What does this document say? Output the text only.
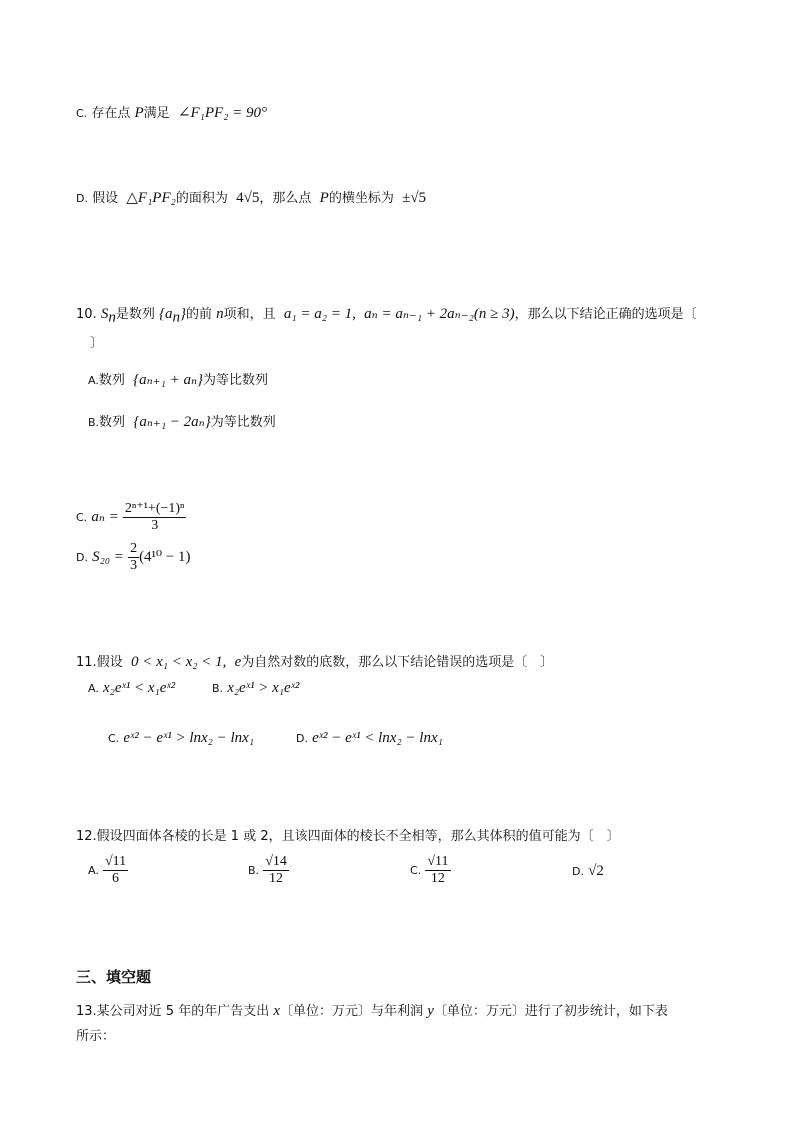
C. 存在点 P满足 ∠F₁PF₂ = 90°
D. 假设 △F₁PF₂的面积为 4√5，那么点 P的横坐标为 ±√5
10. $S_n$是数列 $\{a_n\}$的前 n项和，且 a₁ = a₂ = 1, aₙ = aₙ₋₁ + 2aₙ₋₂(n ≥ 3)，那么以下结论正确的选项是〔
〕
A.数列 {aₙ₊₁ + aₙ}为等比数列
B.数列 {aₙ₊₁ − 2aₙ}为等比数列
C. $a_n = \frac{\text{2ⁿ⁺¹+(−1)ⁿ}}{3}$
D. $S_{20} = \frac{2}{3} (4^{10} - 1)$
11.假设 0 < x₁ < x₂ < 1, e为自然对数的底数，那么以下结论错误的选项是〔　〕
A. x₂eˣ¹ < x₁eˣ²	B. x₂eˣ¹ > x₁eˣ²
C. eˣ² − eˣ¹ > lnx₂ − lnx₁	D. eˣ² − eˣ¹ < lnx₂ − lnx₁
12.假设四面体各棱的长是 1 或 2，且该四面体的棱长不全相等，那么其体积的值可能为〔　〕
A. $\frac{√11}{6}$	B. $\frac{√14}{12}$	C. $\frac{√11}{12}$	D. √2
三、填空题
13.某公司对近 5 年的年广告支出 x〔单位：万元〕与年利润 y〔单位：万元〕进行了初步统计，如下表
所示：
